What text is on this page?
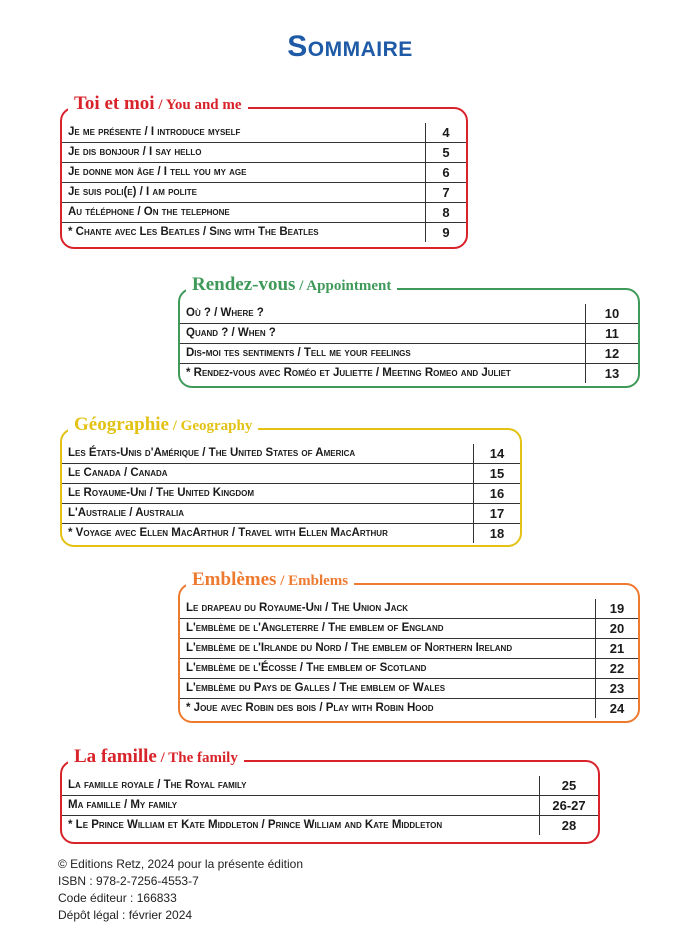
Sommaire
Toi et moi / You and me
Je me présente / I introduce myself	4
Je dis bonjour / I say hello	5
Je donne mon âge / I tell you my age	6
Je suis poli(e) / I am polite	7
Au téléphone / On the telephone	8
* Chante avec Les Beatles / Sing with The Beatles	9
Rendez-vous / Appointment
Où ? / Where ?	10
Quand ? / When ?	11
Dis-moi tes sentiments / Tell me your feelings	12
* Rendez-vous avec Roméo et Juliette / Meeting Romeo and Juliet	13
Géographie / Geography
Les États-Unis d'Amérique / The United States of America	14
Le Canada / Canada	15
Le Royaume-Uni / The United Kingdom	16
L'Australie / Australia	17
* Voyage avec Ellen MacArthur / Travel with Ellen MacArthur	18
Emblèmes / Emblems
Le drapeau du Royaume-Uni / The Union Jack	19
L'emblème de l'Angleterre / The emblem of England	20
L'emblème de l'Irlande du Nord / The emblem of Northern Ireland	21
L'emblème de l'Écosse / The emblem of Scotland	22
L'emblème du Pays de Galles / The emblem of Wales	23
* Joue avec Robin des bois / Play with Robin Hood	24
La famille / The family
La famille royale / The Royal family	25
Ma famille / My family	26-27
* Le Prince William et Kate Middleton / Prince William and Kate Middleton	28
© Editions Retz, 2024 pour la présente édition
ISBN : 978-2-7256-4553-7
Code éditeur : 166833
Dépôt légal : février 2024
